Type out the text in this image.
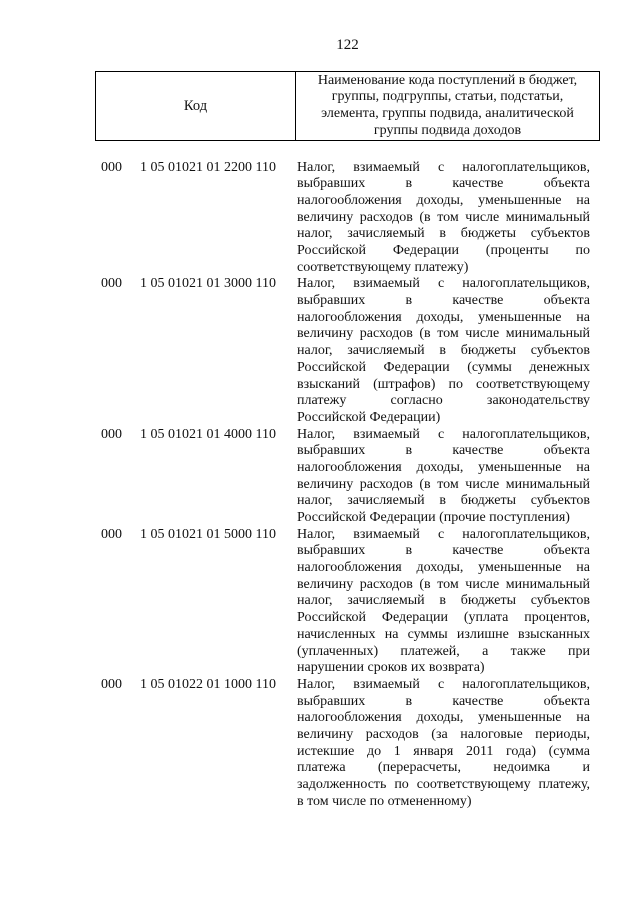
122
Код
Наименование кода поступлений в бюджет,
группы, подгруппы, статьи, подстатьи,
элемента, группы подвида, аналитической
группы подвида доходов
000 1 05 01021 01 2200 110 Налог, взимаемый с налогоплательщиков,
выбравших в качестве объекта
налогообложения доходы, уменьшенные на
величину расходов (в том числе минимальный
налог, зачисляемый в бюджеты субъектов
Российской Федерации (проценты по
соответствующему платежу)
000 1 05 01021 01 3000 110 Налог, взимаемый с налогоплательщиков,
выбравших в качестве объекта
налогообложения доходы, уменьшенные на
величину расходов (в том числе минимальный
налог, зачисляемый в бюджеты субъектов
Российской Федерации (суммы денежных
взысканий (штрафов) по соответствующему
платежу согласно законодательству
Российской Федерации)
000 1 05 01021 01 4000 110 Налог, взимаемый с налогоплательщиков,
выбравших в качестве объекта
налогообложения доходы, уменьшенные на
величину расходов (в том числе минимальный
налог, зачисляемый в бюджеты субъектов
Российской Федерации (прочие поступления)
000 1 05 01021 01 5000 110 Налог, взимаемый с налогоплательщиков,
выбравших в качестве объекта
налогообложения доходы, уменьшенные на
величину расходов (в том числе минимальный
налог, зачисляемый в бюджеты субъектов
Российской Федерации (уплата процентов,
начисленных на суммы излишне взысканных
(уплаченных) платежей, а также при
нарушении сроков их возврата)
000 1 05 01022 01 1000 110 Налог, взимаемый с налогоплательщиков,
выбравших в качестве объекта
налогообложения доходы, уменьшенные на
величину расходов (за налоговые периоды,
истекшие до 1 января 2011 года) (сумма
платежа (перерасчеты, недоимка и
задолженность по соответствующему платежу,
в том числе по отмененному)
